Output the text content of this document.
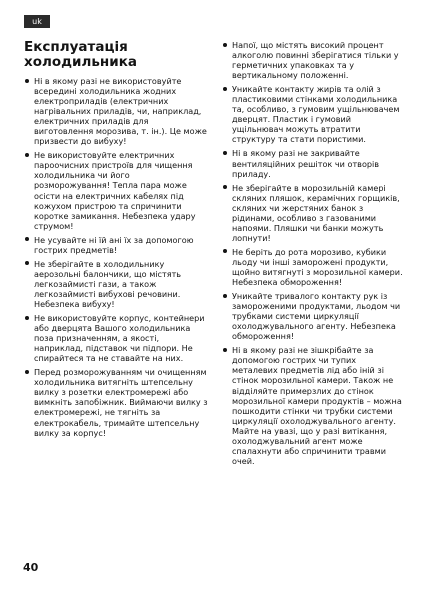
uk
Експлуатація холодильника
Ні в якому разі не використовуйте всередині холодильника жодних електроприладів (електричних нагрівальних приладів, чи, наприклад, електричних приладів для виготовлення морозива, т. ін.). Це може призвести до вибуху!
Не використовуйте електричних пароочисних пристроїв для чищення холодильника чи його розморожування! Тепла пара може осісти на електричних кабелях під кожухом пристрою та спричинити коротке замикання. Небезпека удару струмом!
Не усувайте ні їй ані їх за допомогою гострих предметів!
Не зберігайте в холодильнику аерозольні балончики, що містять легкозаймисті гази, а також легкозаймисті вибухові речовини. Небезпека вибуху!
Не використовуйте корпус, контейнери або дверцята Вашого холодильника поза призначенням, а якості, наприклад, підставок чи підпори. Не спирайтеся та не ставайте на них.
Перед розморожуванням чи очищенням холодильника витягніть штепсельну вилку з розетки електромережі або вимкніть запобіжник. Виймаючи вилку з електромережі, не тягніть за електрокабель, тримайте штепсельну вилку за корпус!
Напої, що містять високий процент алкоголю повинні зберігатися тільки у герметичних упаковках та у вертикальному положенні.
Уникайте контакту жирів та олій з пластиковими стінками холодильника та, особливо, з гумовим ущільнювачем дверцят. Пластик і гумовий ущільнювач можуть втратити структуру та стати пористими.
Ні в якому разі не закривайте вентиляційних решіток чи отворів приладу.
Не зберігайте в морозильній камері скляних пляшок, керамічних горщиків, скляних чи жерстяних банок з рідинами, особливо з газованими напоями. Пляшки чи банки можуть лопнути!
Не беріть до рота морозиво, кубики льоду чи інші заморожені продукти, щойно витягнуті з морозильної камери. Небезпека обмороження!
Уникайте тривалого контакту рук із замороженими продуктами, льодом чи трубками системи циркуляції охолоджувального агенту. Небезпека обмороження!
Ні в якому разі не зішкрібайте за допомогою гострих чи тупих металевих предметів лід або іній зі стінок морозильної камери. Також не відділяйте примерзлих до стінок морозильної камери продуктів – можна пошкодити стінки чи трубки системи циркуляції охолоджувального агенту. Майте на увазі, що у разі витікання, охолоджувальний агент може спалахнути або спричинити травми очей.
40
